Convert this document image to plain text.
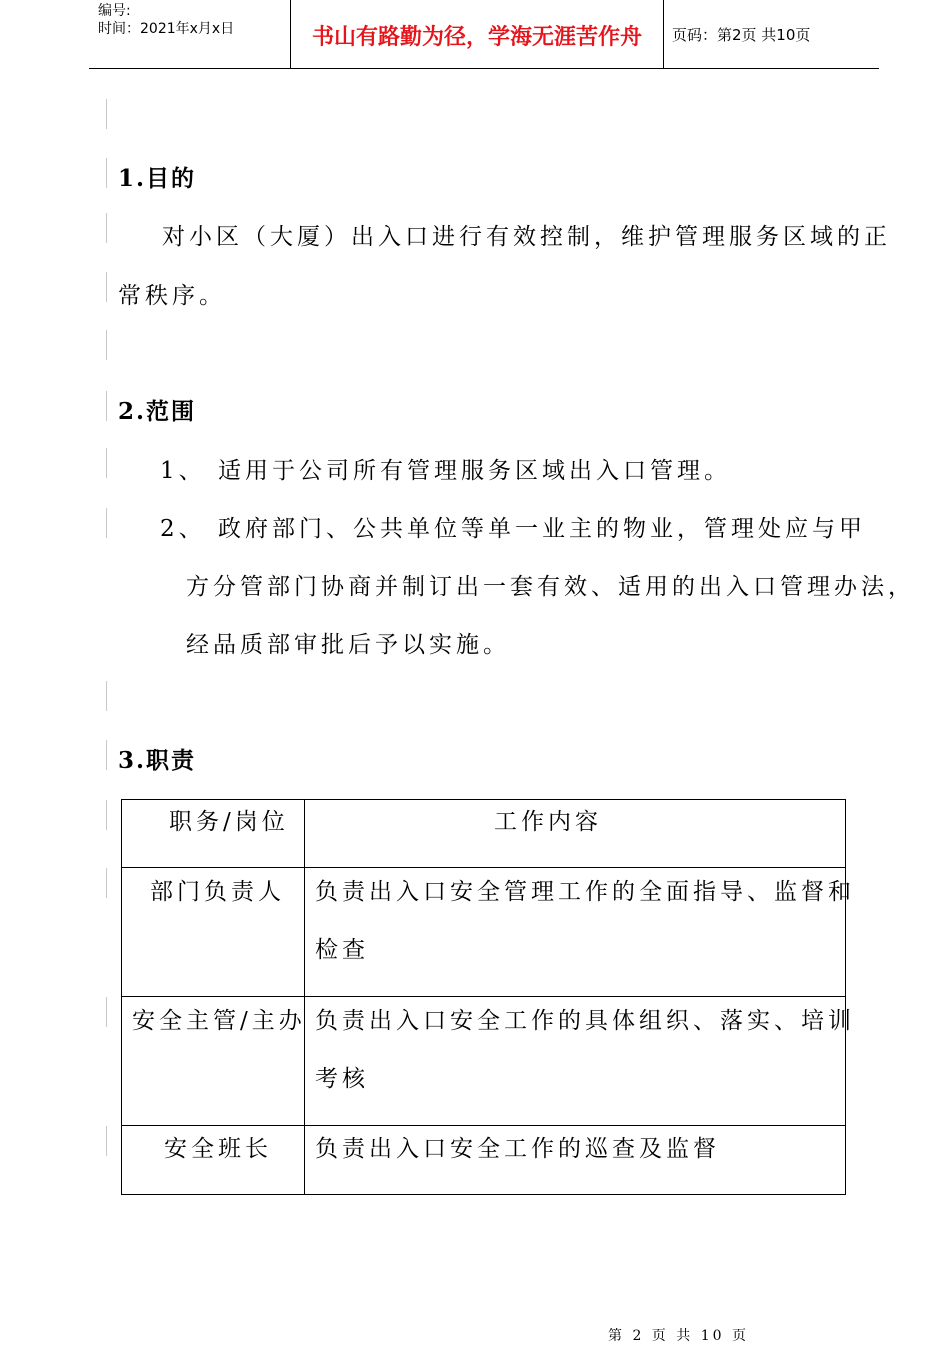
编号:
时间：2021年x月x日	书山有路勤为径，学海无涯苦作舟	页码：第2页 共10页
1.目的
对小区（大厦）出入口进行有效控制，维护管理服务区域的正
常秩序。
2.范围
1、 适用于公司所有管理服务区域出入口管理。
2、 政府部门、公共单位等单一业主的物业，管理处应与甲
方分管部门协商并制订出一套有效、适用的出入口管理办法，
经品质部审批后予以实施。
3.职责
职务/岗位	工作内容
部门负责人 负责出入口安全管理工作的全面指导、监督和
检查
安全主管/主办 负责出入口安全工作的具体组织、落实、培训
考核
安全班长 负责出入口安全工作的巡查及监督
第 2 页 共 10 页
